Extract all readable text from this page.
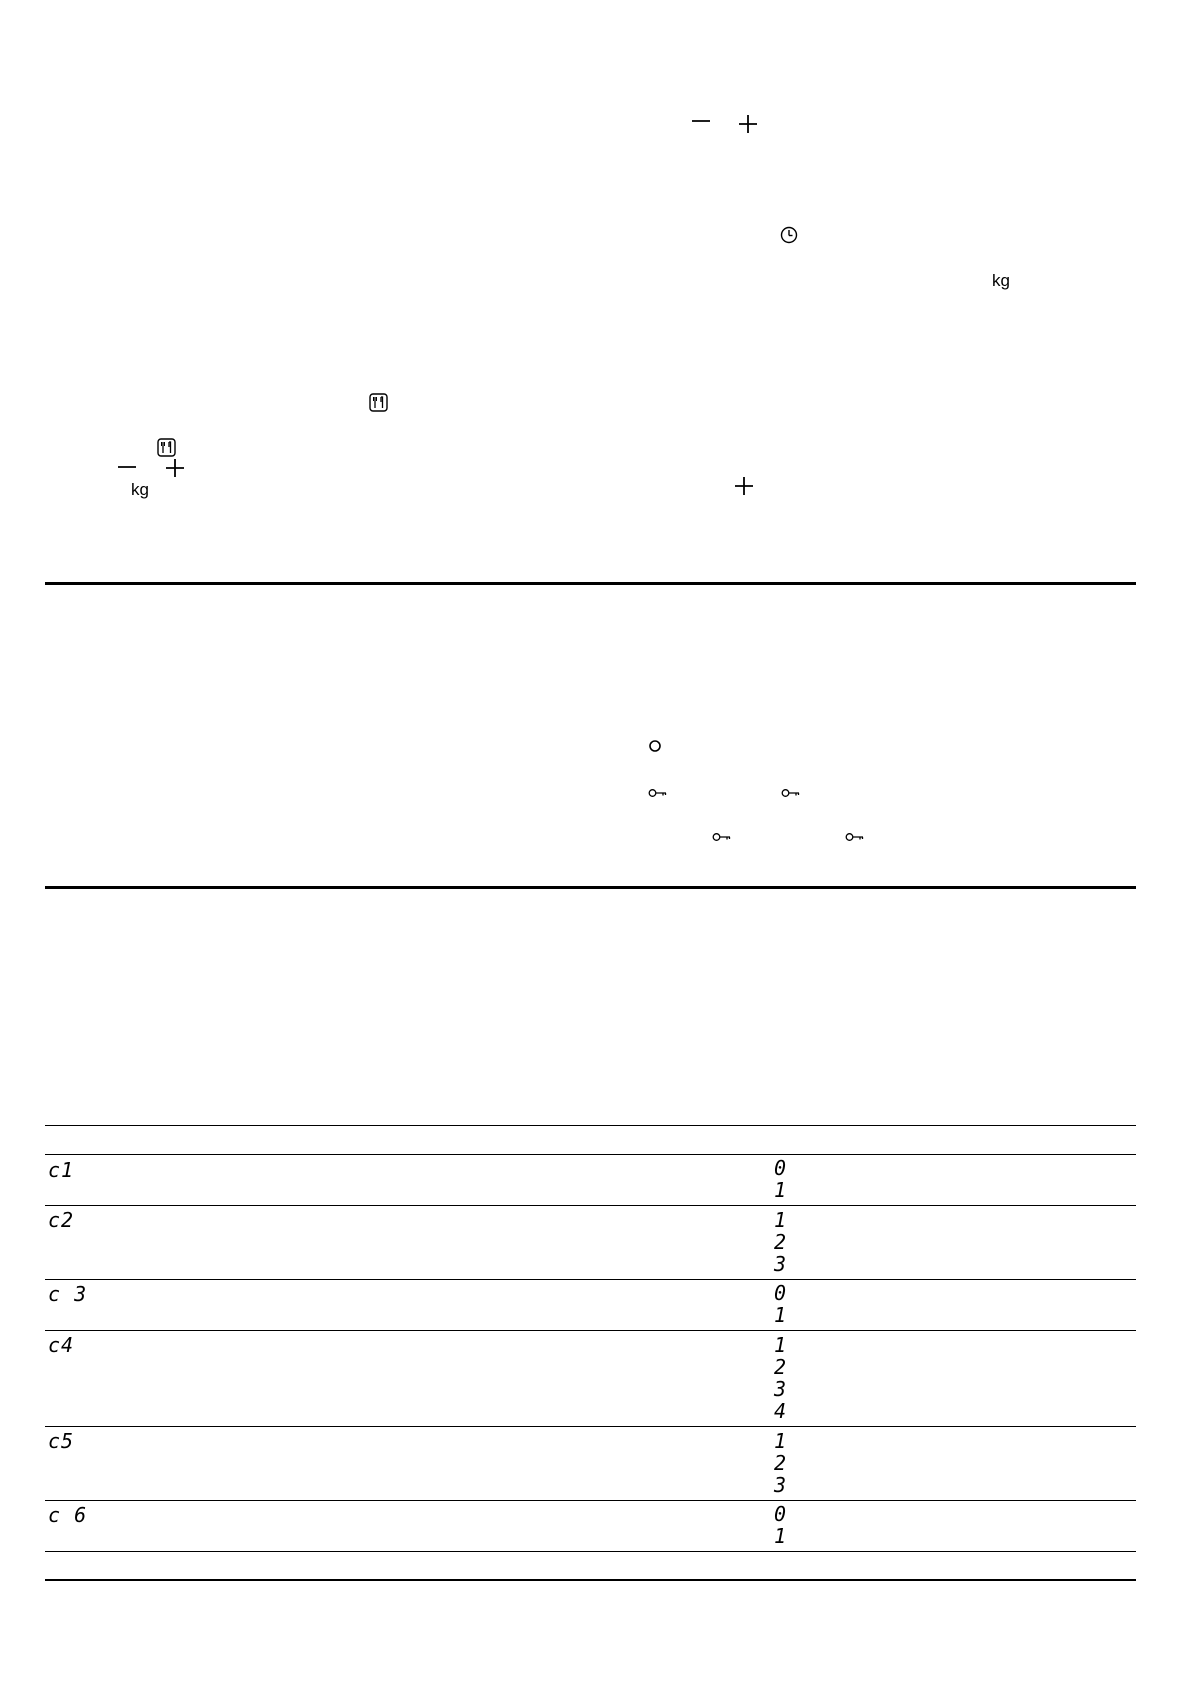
kg
kg
c1	0
1
c2	1
2
3
c 3	0
1
c4	1
2
3
4
c5	1
2
3
c 6	0
1
